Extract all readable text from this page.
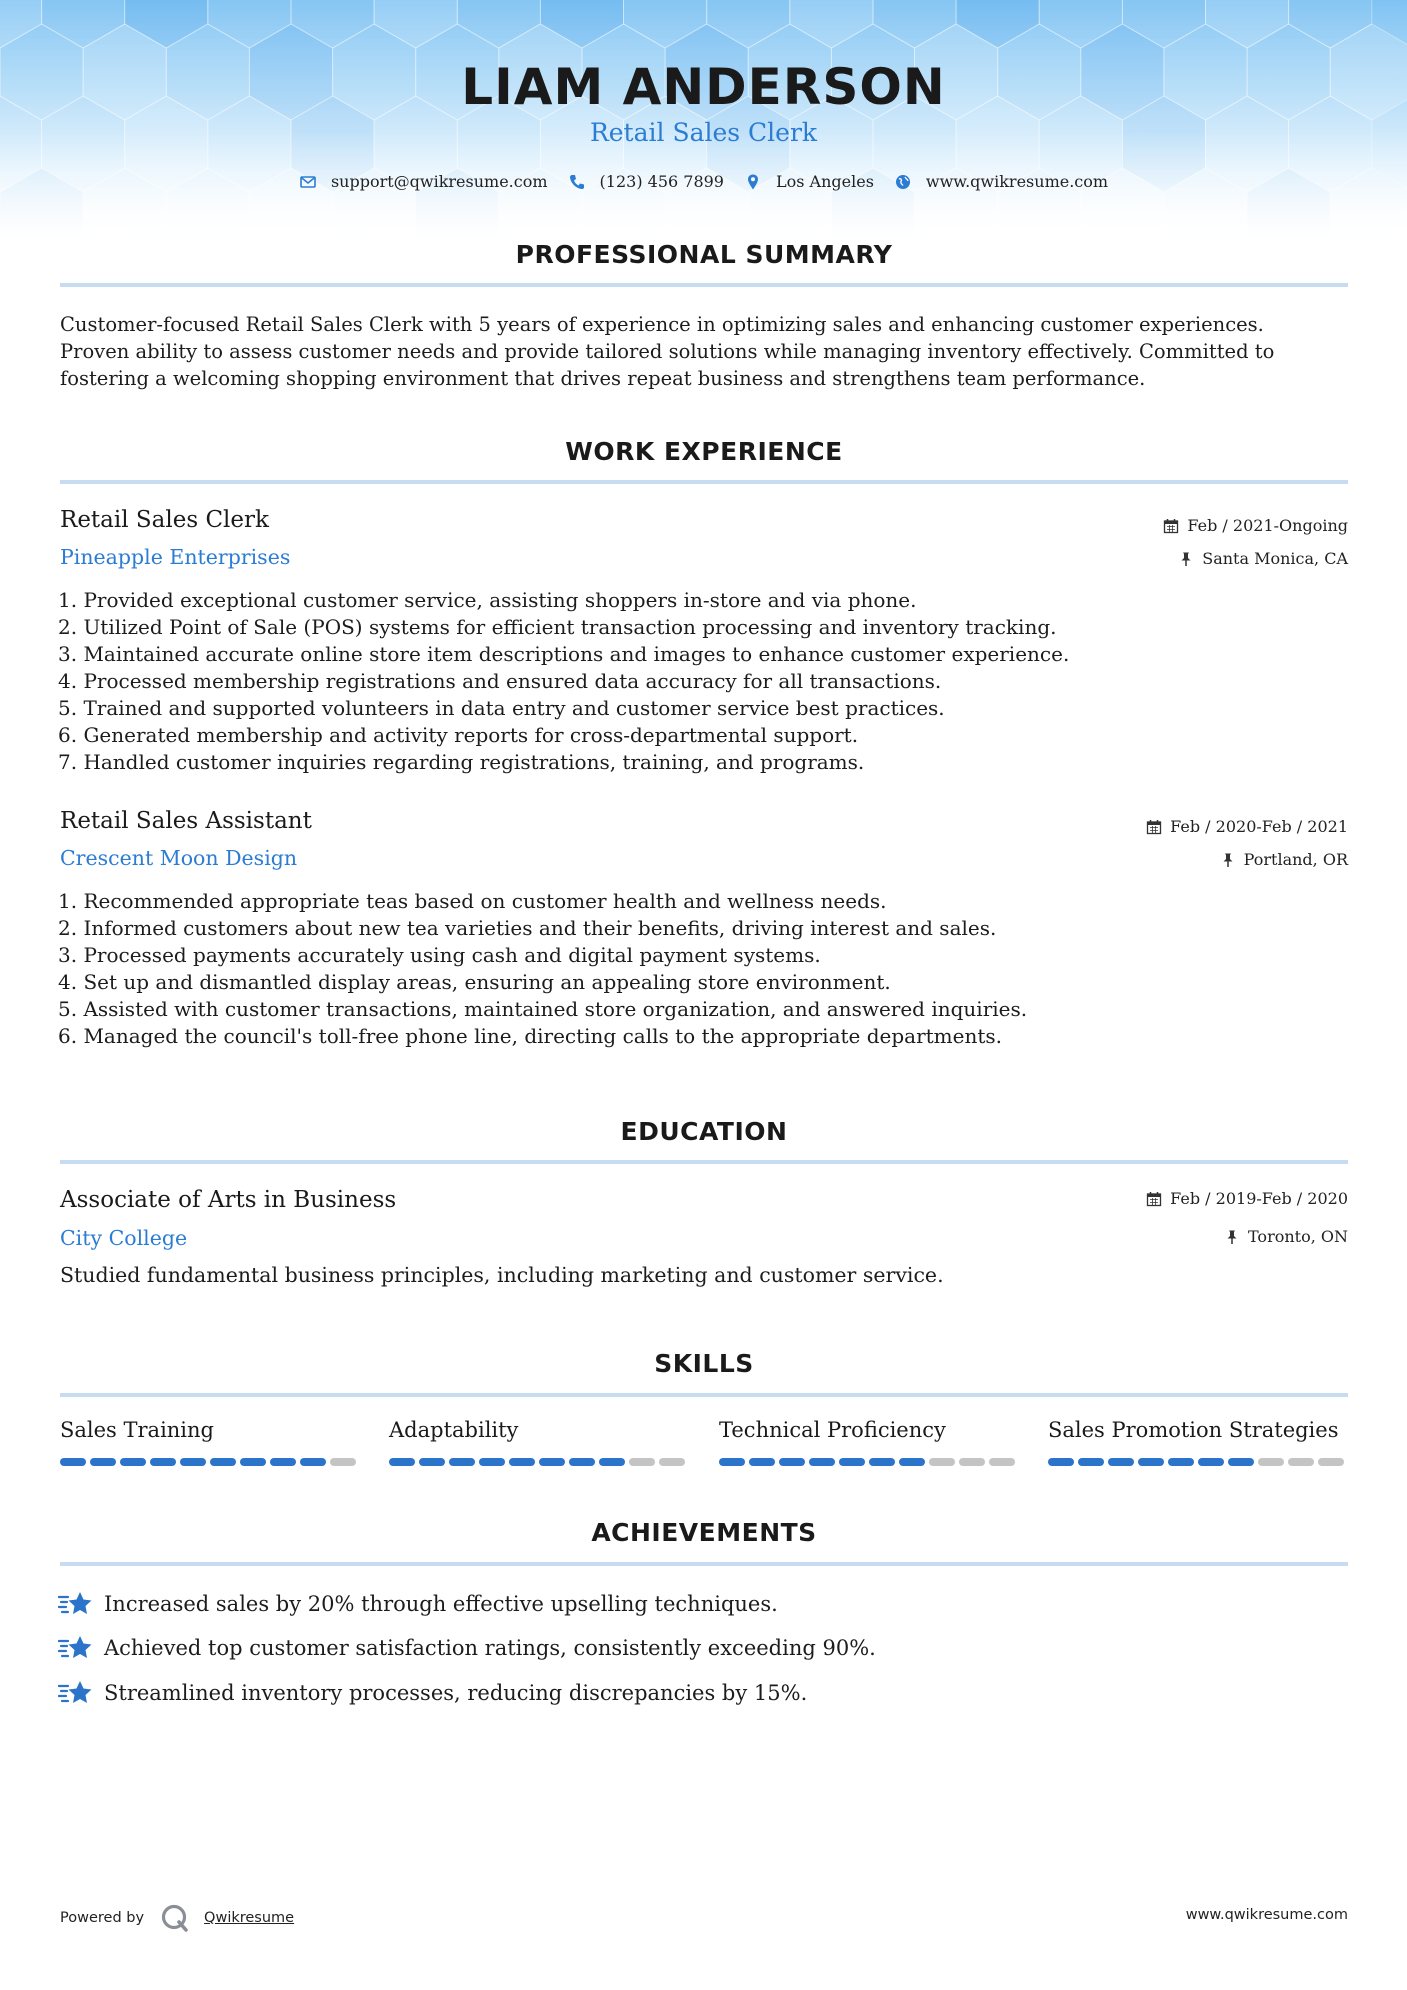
LIAM ANDERSON
Retail Sales Clerk
support@qwikresume.com	(123) 456 7899	Los Angeles	www.qwikresume.com
PROFESSIONAL SUMMARY
Customer-focused Retail Sales Clerk with 5 years of experience in optimizing sales and enhancing customer experiences.
Proven ability to assess customer needs and provide tailored solutions while managing inventory effectively. Committed to
fostering a welcoming shopping environment that drives repeat business and strengthens team performance.
WORK EXPERIENCE
Retail Sales Clerk	Feb / 2021-Ongoing
Pineapple Enterprises	Santa Monica, CA
1. Provided exceptional customer service, assisting shoppers in-store and via phone.
2. Utilized Point of Sale (POS) systems for efficient transaction processing and inventory tracking.
3. Maintained accurate online store item descriptions and images to enhance customer experience.
4. Processed membership registrations and ensured data accuracy for all transactions.
5. Trained and supported volunteers in data entry and customer service best practices.
6. Generated membership and activity reports for cross-departmental support.
7. Handled customer inquiries regarding registrations, training, and programs.
Retail Sales Assistant	Feb / 2020-Feb / 2021
Crescent Moon Design	Portland, OR
1. Recommended appropriate teas based on customer health and wellness needs.
2. Informed customers about new tea varieties and their benefits, driving interest and sales.
3. Processed payments accurately using cash and digital payment systems.
4. Set up and dismantled display areas, ensuring an appealing store environment.
5. Assisted with customer transactions, maintained store organization, and answered inquiries.
6. Managed the council's toll-free phone line, directing calls to the appropriate departments.
EDUCATION
Associate of Arts in Business	Feb / 2019-Feb / 2020
City College	Toronto, ON
Studied fundamental business principles, including marketing and customer service.
SKILLS
Sales Training	Adaptability	Technical Proficiency	Sales Promotion Strategies
ACHIEVEMENTS
Increased sales by 20% through effective upselling techniques.
Achieved top customer satisfaction ratings, consistently exceeding 90%.
Streamlined inventory processes, reducing discrepancies by 15%.
Powered by	Qwikresume	www.qwikresume.com
